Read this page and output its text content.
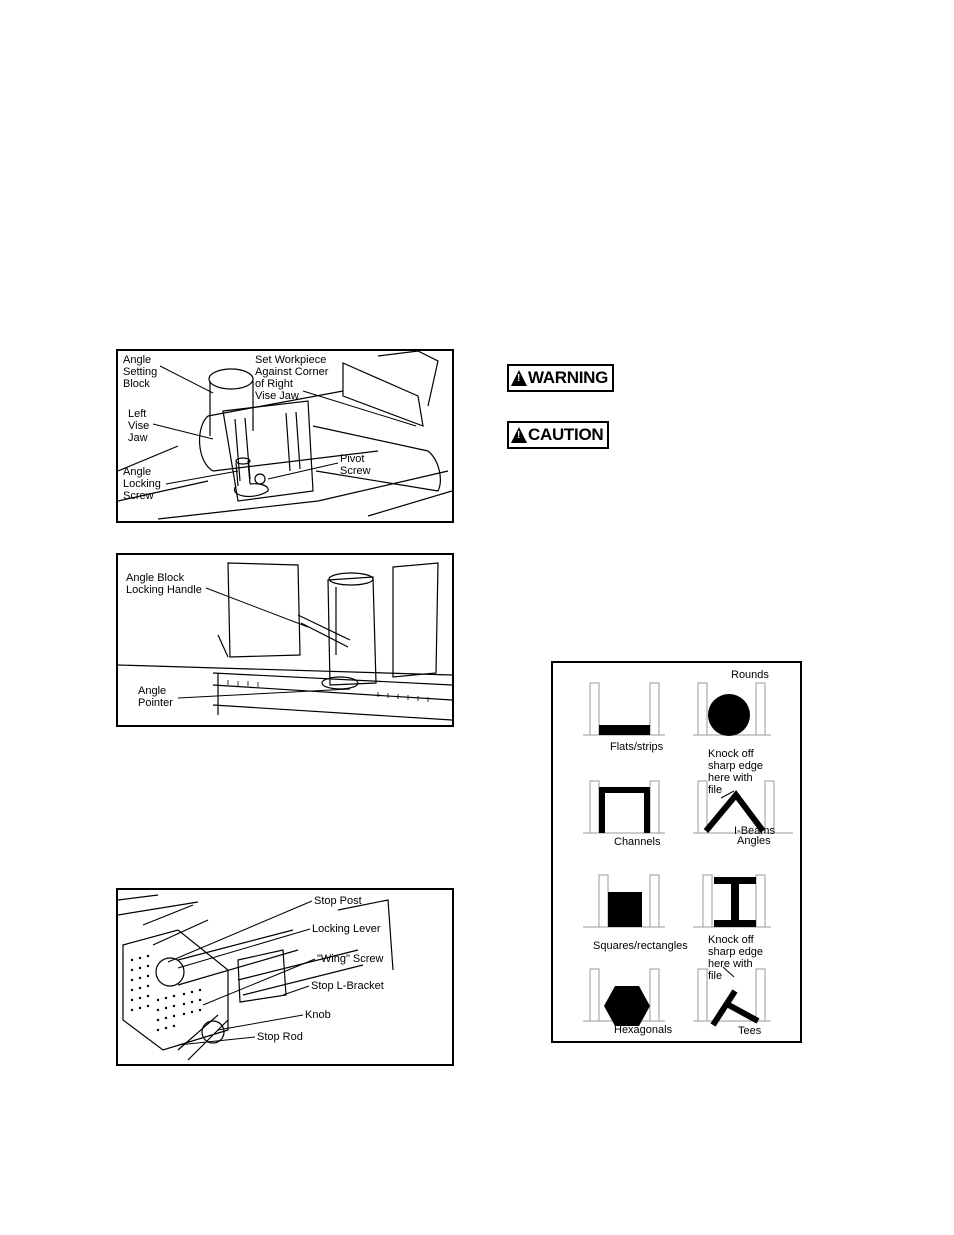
Angle
Setting
Block
Set Workpiece
Against Corner
of Right
Vise Jaw
Left
Vise
Jaw
Angle
Locking
Screw
Pivot
Screw
Angle Block
Locking Handle
Angle
Pointer
Stop Post
Locking Lever
"Wing" Screw
Stop L-Bracket
Knob
Stop Rod
!
WARNING
!
CAUTION
Rounds
Flats/strips
Knock off
sharp edge
here with
file
Channels
I-Beams
Angles
Squares/rectangles Knock off
sharp edge
here with
file
Hexagonals	Tees
